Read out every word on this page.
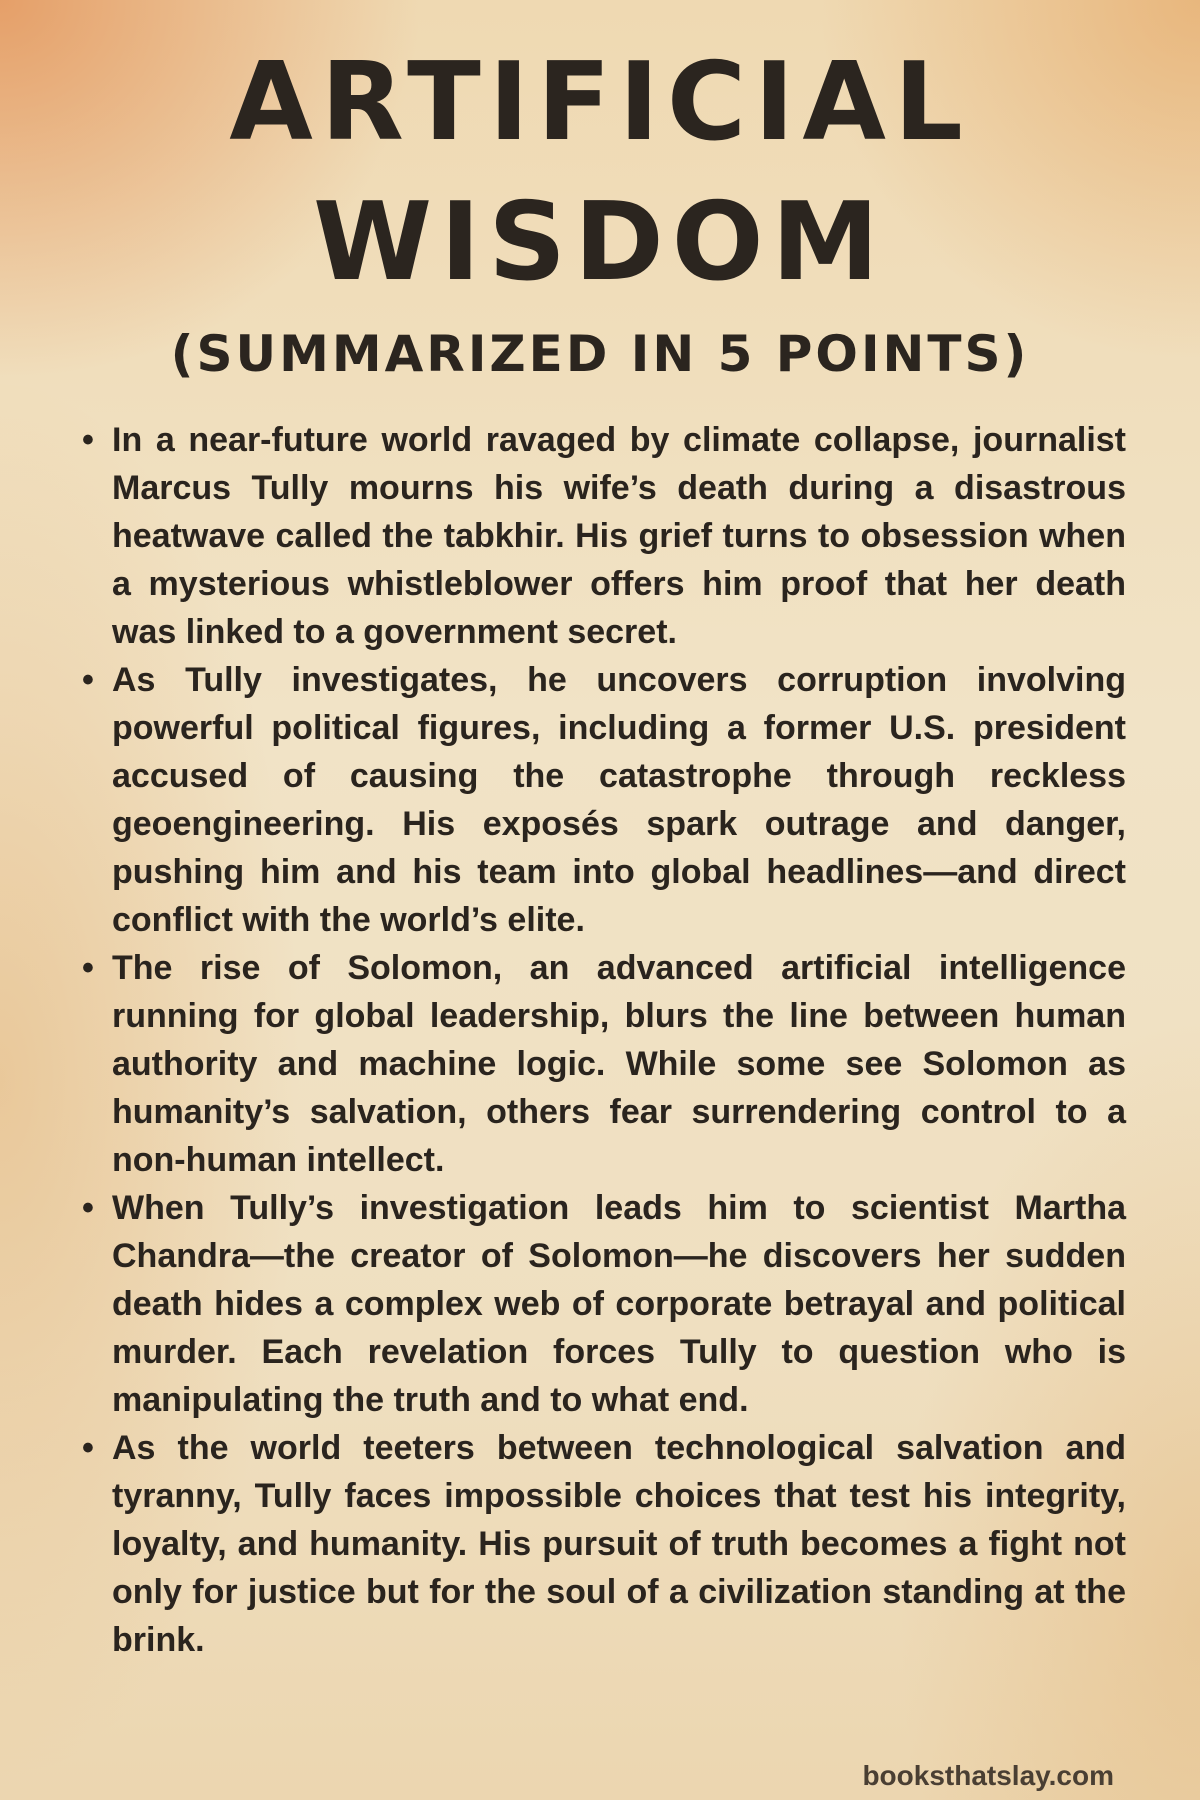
ARTIFICIAL
WISDOM
(SUMMARIZED IN 5 POINTS)
• In a near-future world ravaged by climate collapse, journalist Marcus Tully mourns his wife’s death during a disastrous heatwave called the tabkhir. His grief turns to obsession when a mysterious whistleblower offers him proof that her death was linked to a government secret.
• As Tully investigates, he uncovers corruption involving powerful political figures, including a former U.S. president accused of causing the catastrophe through reckless geoengineering. His exposés spark outrage and danger, pushing him and his team into global headlines—and direct conflict with the world’s elite.
• The rise of Solomon, an advanced artificial intelligence running for global leadership, blurs the line between human authority and machine logic. While some see Solomon as humanity’s salvation, others fear surrendering control to a non-human intellect.
• When Tully’s investigation leads him to scientist Martha Chandra—the creator of Solomon—he discovers her sudden death hides a complex web of corporate betrayal and political murder. Each revelation forces Tully to question who is manipulating the truth and to what end.
• As the world teeters between technological salvation and tyranny, Tully faces impossible choices that test his integrity, loyalty, and humanity. His pursuit of truth becomes a fight not only for justice but for the soul of a civilization standing at the brink.
booksthatslay.com
